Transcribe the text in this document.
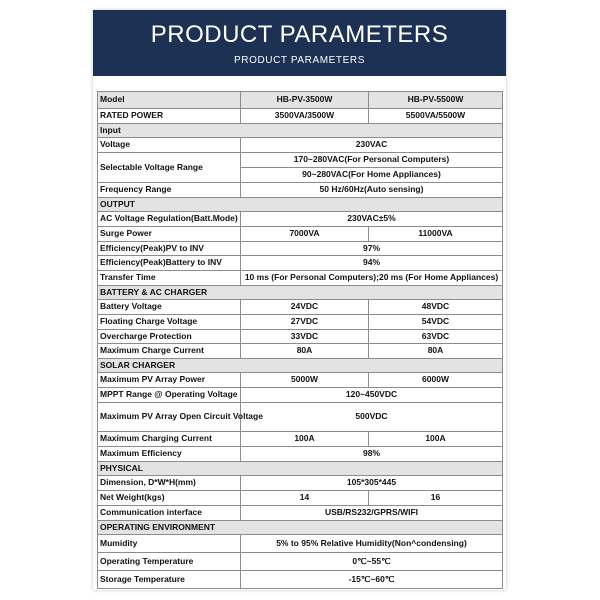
PRODUCT PARAMETERS
PRODUCT PARAMETERS
Model	HB-PV-3500W	HB-PV-5500W
RATED POWER	3500VA/3500W	5500VA/5500W
Input		
Voltage	230VAC	
Selectable Voltage Range	170~280VAC(For Personal Computers)	
	90~280VAC(For Home Appliances)	
Frequency Range	50 Hz/60Hz(Auto sensing)	
OUTPUT		
AC Voltage Regulation(Batt.Mode)	230VAC±5%	
Surge Power	7000VA	11000VA
Efficiency(Peak)PV to INV	97%	
Efficiency(Peak)Battery to INV	94%	
Transfer Time	10 ms (For Personal Computers);20 ms (For Home Appliances)	
BATTERY & AC CHARGER		
Battery Voltage	24VDC	48VDC
Floating Charge Voltage	27VDC	54VDC
Overcharge Protection	33VDC	63VDC
Maximum Charge Current	80A	80A
SOLAR CHARGER		
Maximum PV Array Power	5000W	6000W
MPPT Range @ Operating Voltage	120~450VDC	
Maximum PV Array Open Circuit Voltage	500VDC	
Maximum Charging Current	100A	100A
Maximum Efficiency	98%	
PHYSICAL		
Dimension, D*W*H(mm)	105*305*445	
Net Weight(kgs)	14	16
Communication interface	USB/RS232/GPRS/WIFI	
OPERATING ENVIRONMENT		
Mumidity	5% to 95% Relative Humidity(Non^condensing)	
Operating Temperature	0℃~55℃	
Storage Temperature	-15℃~60℃	
